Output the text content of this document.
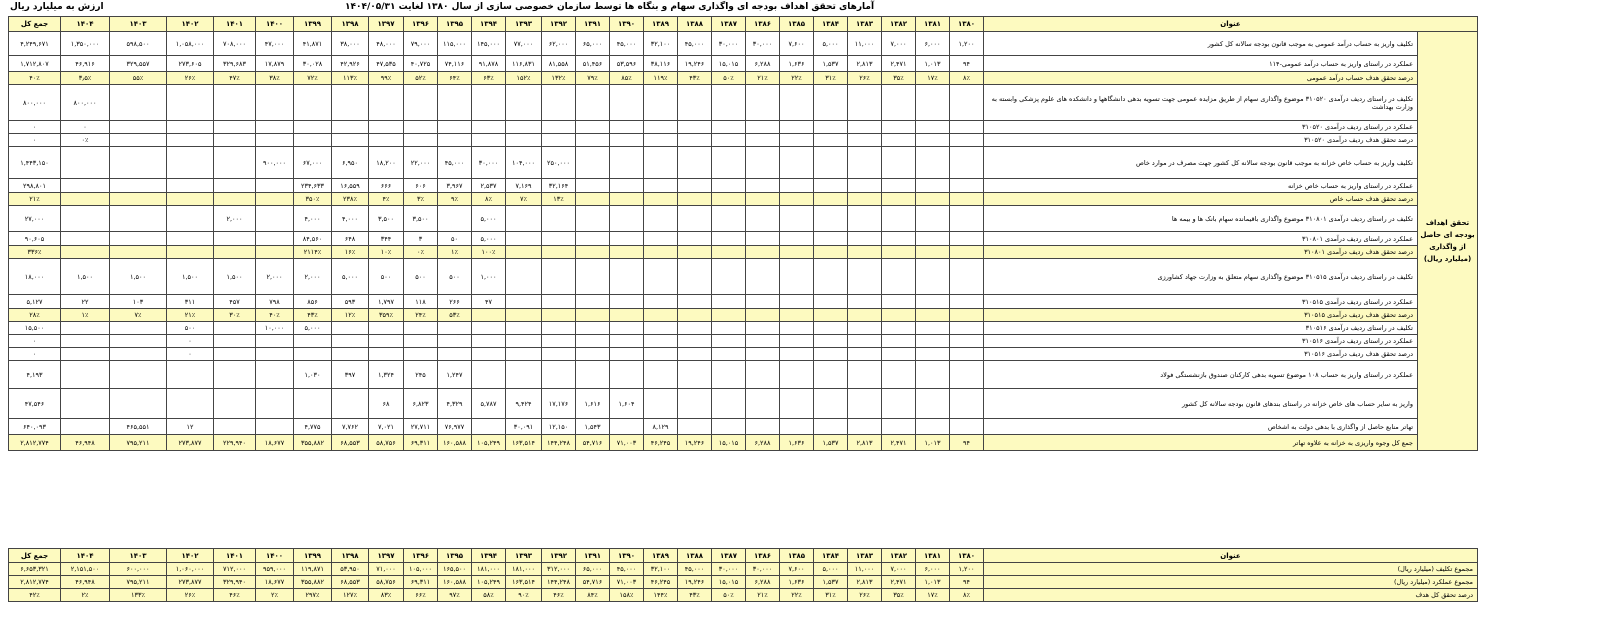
ارزش به میلیارد ریال	آمارهای تحقق اهداف بودجه ای واگذاری سهام و بنگاه ها توسط سازمان خصوصی سازی از سال ۱۳۸۰ لغایت ۱۴۰۴/۰۵/۳۱
جمع کل	۱۴۰۴	۱۴۰۳	۱۴۰۲	۱۴۰۱	۱۴۰۰	۱۳۹۹	۱۳۹۸	۱۳۹۷	۱۳۹۶	۱۳۹۵	۱۳۹۴	۱۳۹۳	۱۳۹۲	۱۳۹۱	۱۳۹۰	۱۳۸۹	۱۳۸۸	۱۳۸۷	۱۳۸۶	۱۳۸۵	۱۳۸۴	۱۳۸۳	۱۳۸۲	۱۳۸۱	۱۳۸۰	عنوان	
۴,۲۴۹,۶۷۱	۱,۳۵۰,۰۰۰	۵۹۸,۵۰۰	۱,۰۵۸,۰۰۰	۷۰۸,۰۰۰	۴۷,۰۰۰	۴۱,۸۷۱	۳۸,۰۰۰	۴۸,۰۰۰	۷۹,۰۰۰	۱۱۵,۰۰۰	۱۴۵,۰۰۰	۷۷,۰۰۰	۶۲,۰۰۰	۶۵,۰۰۰	۴۵,۰۰۰	۳۲,۱۰۰	۴۵,۰۰۰	۳۰,۰۰۰	۳۰,۰۰۰	۷,۶۰۰	۵,۰۰۰	۱۱,۰۰۰	۷,۰۰۰	۶,۰۰۰	۱,۲۰۰	تکلیف واریز به حساب درآمد عمومی به موجب قانون بودجه سالانه کل کشور	تحقق اهداف بودجه ای حاصل از واگذاری (میلیارد ریال)
۱,۷۱۲,۸۰۷	۴۶,۹۱۶	۳۲۹,۵۵۷	۲۷۳,۶۰۵	۳۲۹,۶۸۳	۱۷,۸۷۹	۳۰,۰۲۸	۴۲,۹۲۶	۴۷,۵۳۵	۴۰,۷۲۵	۷۴,۱۱۶	۹۱,۸۷۸	۱۱۶,۸۳۱	۸۱,۵۵۸	۵۱,۴۵۶	۵۳,۵۹۶	۳۸,۱۱۶	۱۹,۲۴۶	۱۵,۰۱۵	۶,۲۸۸	۱,۶۳۶	۱,۵۳۷	۲,۸۱۳	۲,۴۷۱	۱,۰۱۳	۹۴	عملکرد در راستای واریز به حساب درآمد عمومی-۱۱۴	
۴۰٪	۳٫۵٪	۵۵٪	۲۶٪	۴۷٪	۳۸٪	۷۲٪	۱۱۳٪	۹۹٪	۵۲٪	۶۴٪	۶۳٪	۱۵۲٪	۱۳۲٪	۷۹٪	۸۵٪	۱۱۹٪	۴۳٪	۵۰٪	۲۱٪	۲۲٪	۳۱٪	۲۶٪	۳۵٪	۱۷٪	۸٪	درصد تحقق هدف حساب درآمد عمومی	
۸۰۰,۰۰۰	۸۰۰,۰۰۰																									تکلیف در راستای ردیف درآمدی ۳۱۰۵۲۰ موضوع واگذاری سهام از طریق مزایده عمومی جهت تسویه بدهی دانشگاهها و دانشکده های علوم پزشکی وابسته به وزارت بهداشت	
۰	۰																									عملکرد در راستای ردیف درآمدی ۳۱۰۵۲۰	
۰	۰٪																									درصد تحقق هدف ردیف درآمدی ۳۱۰۵۲۰	
۱,۴۴۳,۱۵۰					۹۰۰,۰۰۰	۶۷,۰۰۰	۶,۹۵۰	۱۸,۲۰۰	۲۲,۰۰۰	۴۵,۰۰۰	۳۰,۰۰۰	۱۰۴,۰۰۰	۲۵۰,۰۰۰													تکلیف واریز به حساب خاص خزانه به موجب قانون بودجه سالانه کل کشور جهت مصرف در موارد خاص	
۲۹۸,۸۰۱						۲۳۴,۶۳۳	۱۶,۵۵۹	۶۶۶	۶۰۶	۳,۹۶۷	۲,۵۳۷	۷,۱۶۹	۳۲,۱۶۴													عملکرد در راستای واریز به حساب خاص خزانه	
۲۱٪						۳۵۰٪	۲۳۸٪	۴٪	۳٪	۹٪	۸٪	۷٪	۱۳٪													درصد تحقق هدف حساب خاص	
۲۷,۰۰۰				۲,۰۰۰		۴,۰۰۰	۴,۰۰۰	۳,۵۰۰	۳,۵۰۰		۵,۰۰۰															تکلیف در راستای ردیف درآمدی ۳۱۰۸۰۱ موضوع واگذاری باقیمانده سهام بانک ها و بیمه ها	
۹۰,۶۰۵						۸۴,۵۶۰	۶۴۸	۳۴۴	۳	۵۰	۵,۰۰۰															عملکرد در راستای ردیف درآمدی ۳۱۰۸۰۱	
۳۳۶٪						۲۱۱۴٪	۱۶٪	۱۰٪	۰٪	۱٪	۱۰۰٪															درصد تحقق هدف ردیف درآمدی ۳۱۰۸۰۱	
۱۸,۰۰۰	۱,۵۰۰	۱,۵۰۰	۱,۵۰۰	۱,۵۰۰	۲,۰۰۰	۲,۰۰۰	۵,۰۰۰	۵۰۰	۵۰۰	۵۰۰	۱,۰۰۰															تکلیف در راستای ردیف درآمدی ۳۱۰۵۱۵ موضوع واگذاری سهام متعلق به وزارت جهاد کشاورزی	
۵,۱۲۷	۲۲	۱۰۳	۳۱۱	۴۵۷	۷۹۸	۸۵۶	۵۹۳	۱,۷۹۷	۱۱۸	۲۶۶	۴۷															عملکرد در راستای ردیف درآمدی ۳۱۰۵۱۵	
۲۸٪	۱٪	۷٪	۲۱٪	۳۰٪	۴۰٪	۴۳٪	۱۲٪	۳۵۹٪	۲۴٪	۵۳٪																درصد تحقق هدف ردیف درآمدی ۳۱۰۵۱۵	
۱۵,۵۰۰			۵۰۰		۱۰,۰۰۰	۵,۰۰۰																				تکلیف در راستای ردیف درآمدی ۳۱۰۵۱۶	
۰			۰																							عملکرد در راستای ردیف درآمدی ۳۱۰۵۱۶	
۰			۰																							درصد تحقق هدف ردیف درآمدی ۳۱۰۵۱۶	
۴,۱۹۳						۱,۰۳۰	۳۹۷	۱,۳۲۴	۲۴۵	۱,۲۴۷																عملکرد در راستای واریز به حساب ۱۰۸ موضوع تسویه بدهی کارکنان صندوق بازنشستگی فولاد	
۴۷,۵۴۶								۶۸	۶,۸۲۳	۴,۳۲۹	۵,۷۸۷	۹,۴۲۴	۱۷,۱۷۶	۱,۶۱۶	۱,۶۰۴											واریز به سایر حساب های خاص خزانه در راستای بندهای قانون بودجه سالانه کل کشور	
۶۴۰,۰۹۳		۴۶۵,۵۵۱	۱۲			۴,۷۷۵	۷,۷۶۲	۷,۰۲۱	۲۷,۷۱۱	۷۶,۹۷۷		۳۰,۰۹۱	۱۲,۱۵۰	۱,۵۴۳		۸,۱۲۹										تهاتر منابع حاصل از واگذاری با بدهی دولت به اشخاص	
۲,۸۱۲,۷۷۴	۴۶,۹۴۸	۷۹۵,۲۱۱	۲۷۳,۸۷۷	۲۲۹,۹۴۰	۱۸,۶۷۷	۳۵۵,۸۸۲	۶۸,۵۵۳	۵۸,۷۵۶	۶۹,۳۱۱	۱۶۰,۵۸۸	۱۰۵,۲۴۹	۱۶۳,۵۱۴	۱۴۴,۲۴۸	۵۴,۷۱۶	۷۱,۰۰۳	۴۶,۲۴۵	۱۹,۲۴۶	۱۵,۰۱۵	۶,۲۸۸	۱,۶۳۶	۱,۵۳۷	۲,۸۱۳	۲,۴۷۱	۱,۰۱۳	۹۴	جمع کل وجوه واریزی به خزانه به علاوه تهاتر	
جمع کل	۱۴۰۴	۱۴۰۳	۱۴۰۲	۱۴۰۱	۱۴۰۰	۱۳۹۹	۱۳۹۸	۱۳۹۷	۱۳۹۶	۱۳۹۵	۱۳۹۴	۱۳۹۳	۱۳۹۲	۱۳۹۱	۱۳۹۰	۱۳۸۹	۱۳۸۸	۱۳۸۷	۱۳۸۶	۱۳۸۵	۱۳۸۴	۱۳۸۳	۱۳۸۲	۱۳۸۱	۱۳۸۰	عنوان
۶,۶۵۳,۳۲۱	۲,۱۵۱,۵۰۰	۶۰۰,۰۰۰	۱,۰۶۰,۰۰۰	۷۱۲,۰۰۰	۹۵۹,۰۰۰	۱۱۹,۸۷۱	۵۳,۹۵۰	۷۱,۰۰۰	۱۰۵,۰۰۰	۱۶۵,۵۰۰	۱۸۱,۰۰۰	۱۸۱,۰۰۰	۳۱۲,۰۰۰	۶۵,۰۰۰	۴۵,۰۰۰	۳۲,۱۰۰	۴۵,۰۰۰	۳۰,۰۰۰	۳۰,۰۰۰	۷,۶۰۰	۵,۰۰۰	۱۱,۰۰۰	۷,۰۰۰	۶,۰۰۰	۱,۲۰۰	مجموع تکلیف (میلیارد ریال)
۲,۸۱۲,۷۷۴	۴۶,۹۴۸	۷۹۵,۲۱۱	۲۷۳,۸۷۷	۳۲۹,۹۴۰	۱۸,۶۷۷	۳۵۵,۸۸۲	۶۸,۵۵۳	۵۸,۷۵۶	۶۹,۳۱۱	۱۶۰,۵۸۸	۱۰۵,۲۴۹	۱۶۳,۵۱۴	۱۴۴,۲۴۸	۵۴,۷۱۶	۷۱,۰۰۳	۴۶,۲۴۵	۱۹,۲۴۶	۱۵,۰۱۵	۶,۲۸۸	۱,۶۳۶	۱,۵۳۷	۲,۸۱۳	۲,۴۷۱	۱,۰۱۳	۹۴	مجموع عملکرد (میلیارد ریال)
۴۲٪	۲٪	۱۳۳٪	۲۶٪	۴۶٪	۲٪	۲۹۷٪	۱۲۷٪	۸۳٪	۶۶٪	۹۷٪	۵۸٪	۹۰٪	۴۶٪	۸۴٪	۱۵۸٪	۱۴۴٪	۴۳٪	۵۰٪	۲۱٪	۲۲٪	۳۱٪	۲۶٪	۳۵٪	۱۷٪	۸٪	درصد تحقق کل هدف
